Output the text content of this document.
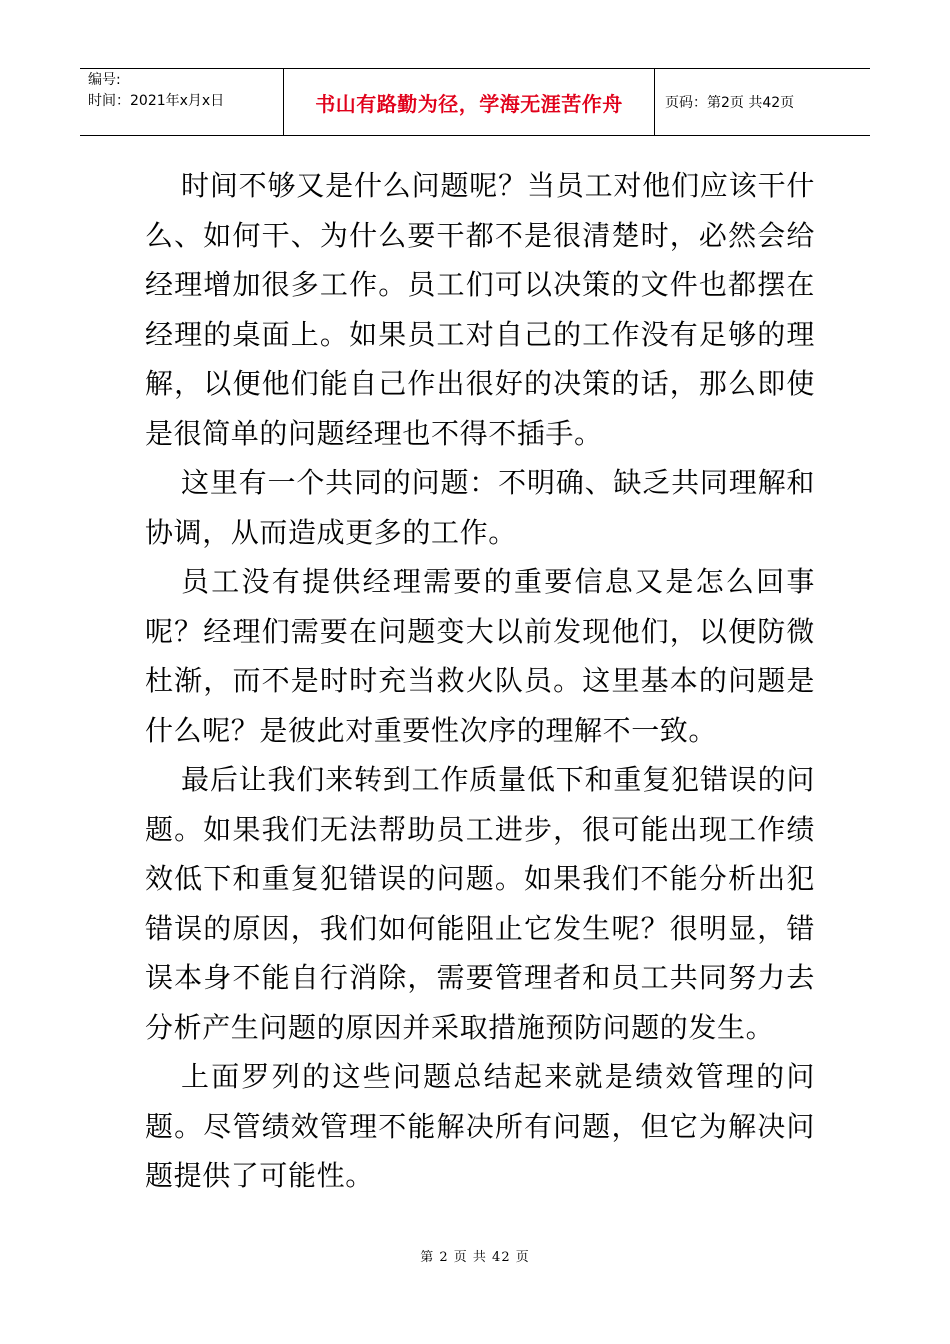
编号:
时间：2021年x月x日	书山有路勤为径，学海无涯苦作舟	页码：第2页 共42页

时间不够又是什么问题呢？当员工对他们应该干什么、如何干、为什么要干都不是很清楚时，必然会给经理增加很多工作。员工们可以决策的文件也都摆在经理的桌面上。如果员工对自己的工作没有足够的理解，以便他们能自己作出很好的决策的话，那么即使是很简单的问题经理也不得不插手。

这里有一个共同的问题：不明确、缺乏共同理解和协调，从而造成更多的工作。

员工没有提供经理需要的重要信息又是怎么回事呢？经理们需要在问题变大以前发现他们，以便防微杜渐，而不是时时充当救火队员。这里基本的问题是什么呢？是彼此对重要性次序的理解不一致。

最后让我们来转到工作质量低下和重复犯错误的问题。如果我们无法帮助员工进步，很可能出现工作绩效低下和重复犯错误的问题。如果我们不能分析出犯错误的原因，我们如何能阻止它发生呢？很明显，错误本身不能自行消除，需要管理者和员工共同努力去分析产生问题的原因并采取措施预防问题的发生。

上面罗列的这些问题总结起来就是绩效管理的问题。尽管绩效管理不能解决所有问题，但它为解决问题提供了可能性。

第 2 页 共 42 页
